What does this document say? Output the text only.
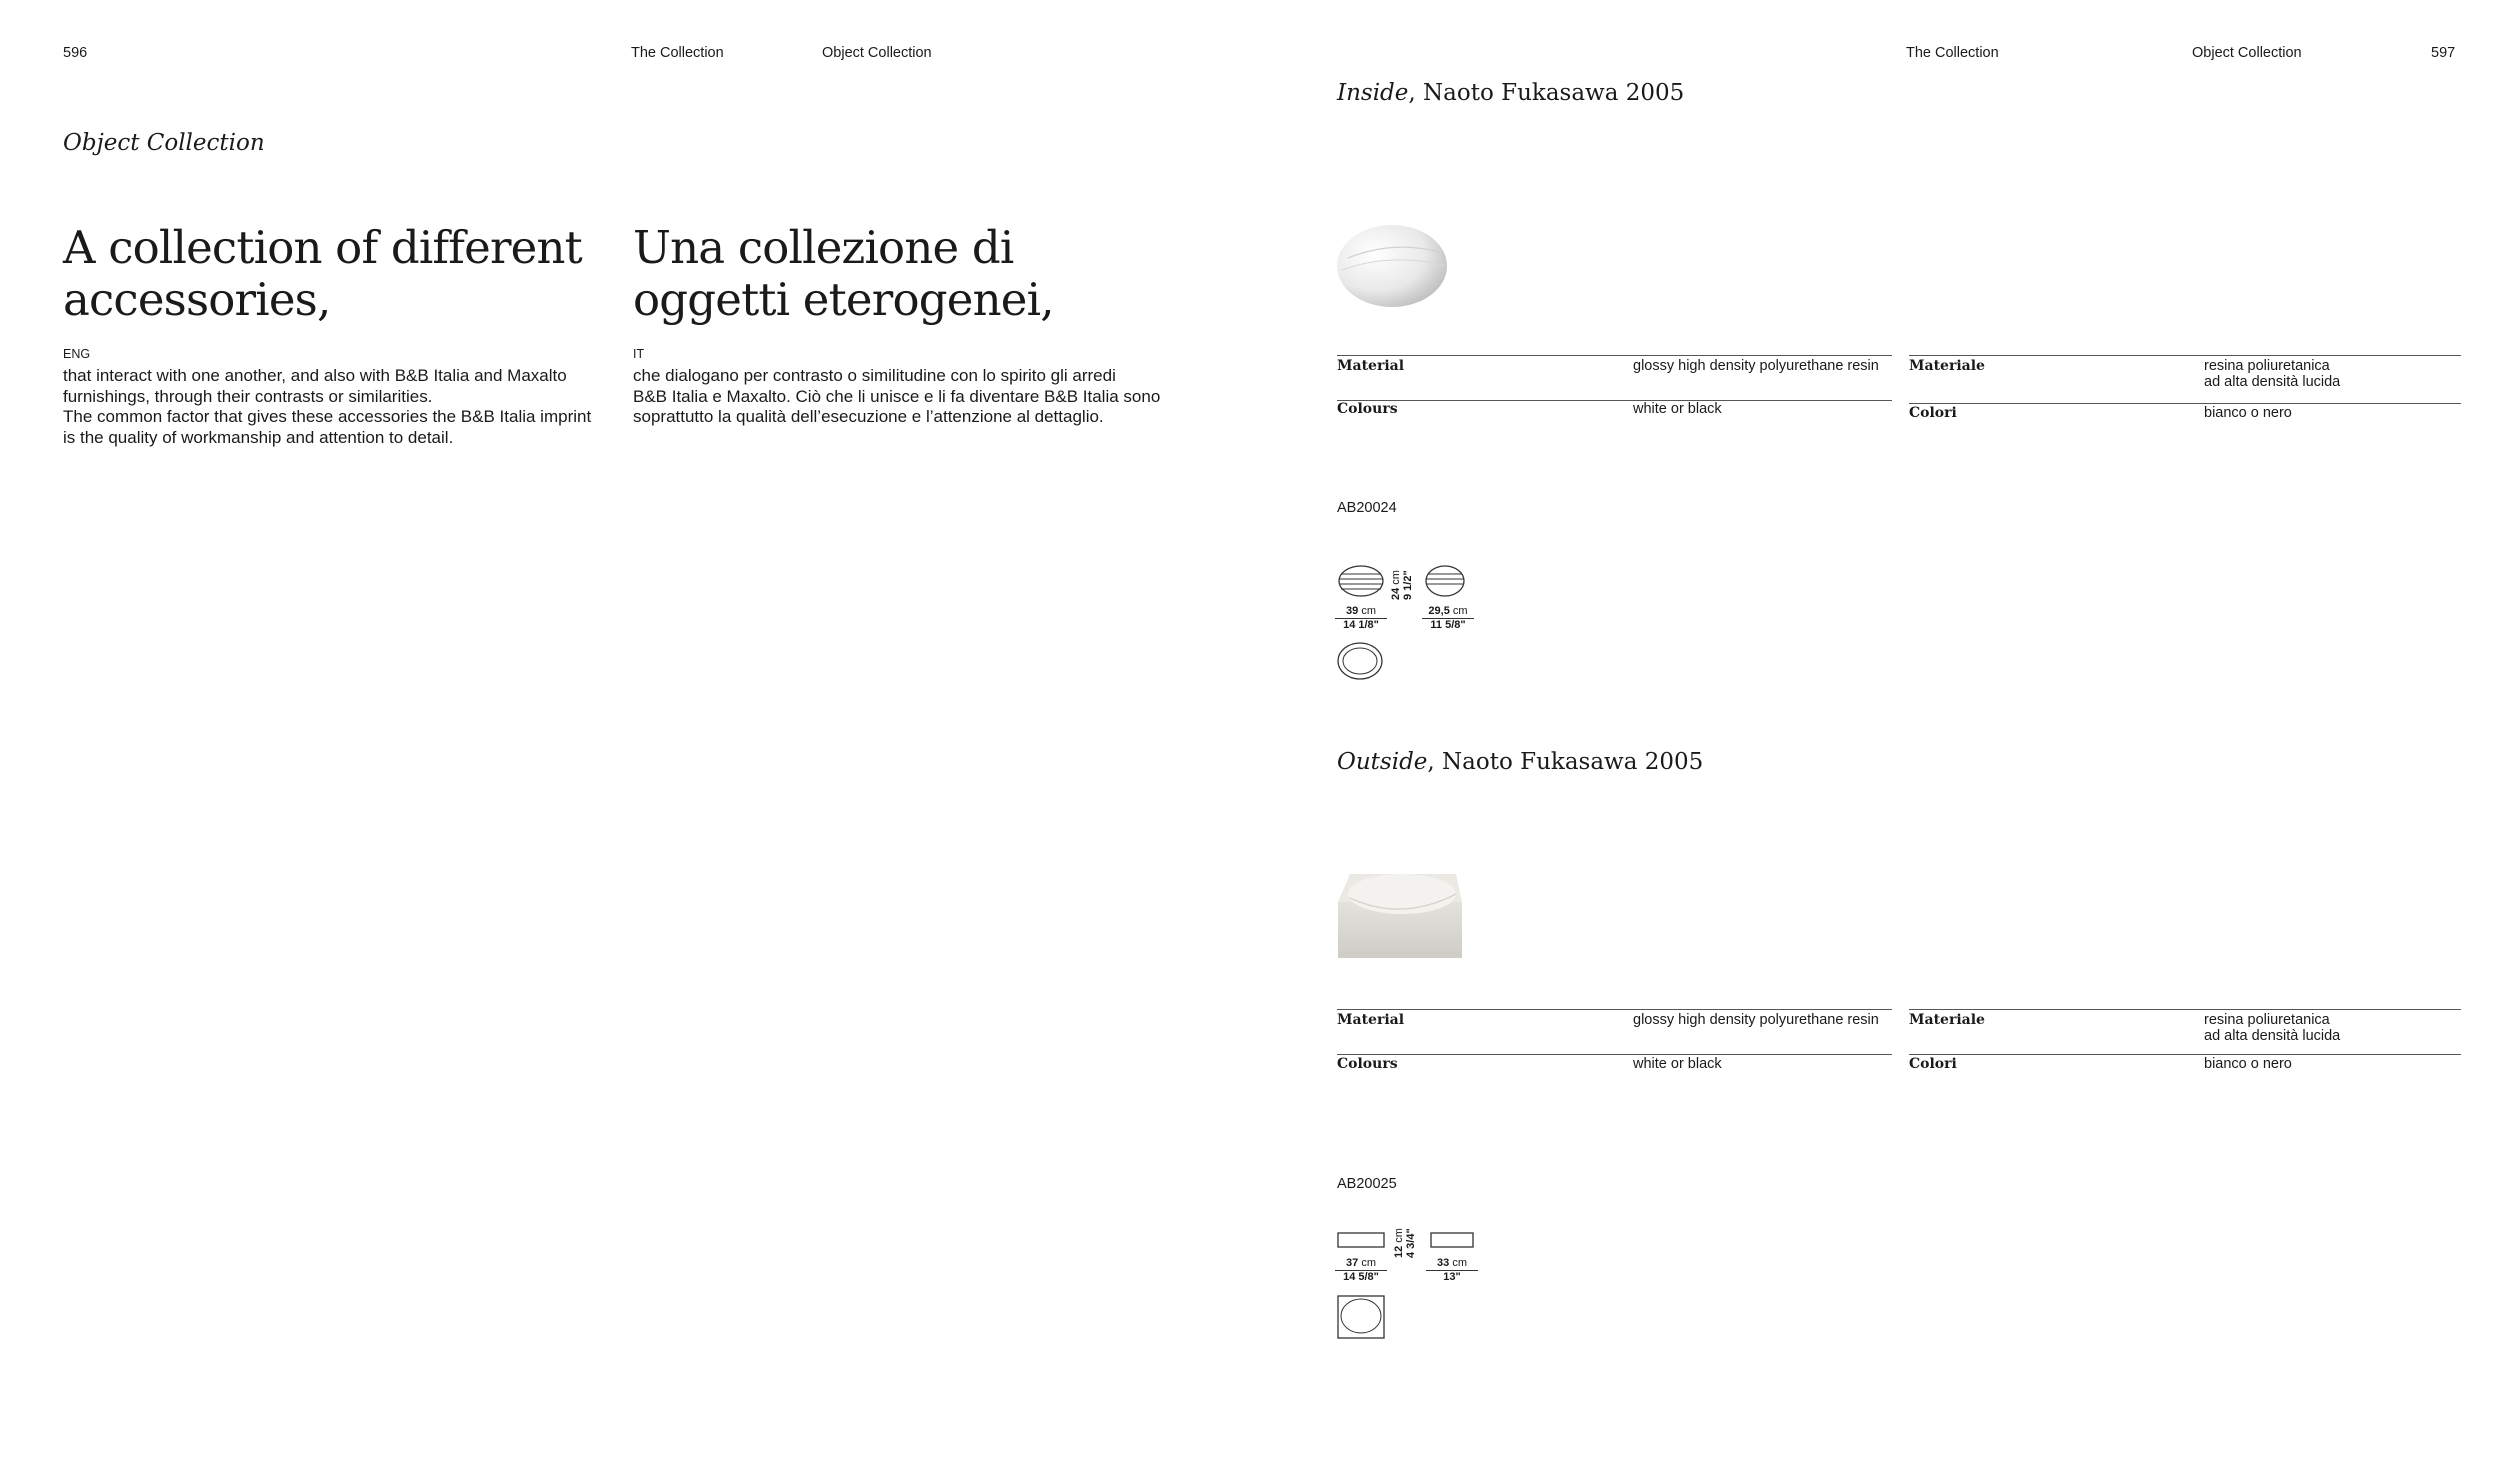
596	The Collection	Object Collection
Object Collection
A collection of different
accessories,
ENG
that interact with one another, and also with B&B Italia and Maxalto
furnishings, through their contrasts or similarities.
The common factor that gives these accessories the B&B Italia imprint
is the quality of workmanship and attention to detail.
Una collezione di
oggetti eterogenei,
IT
che dialogano per contrasto o similitudine con lo spirito gli arredi
B&B Italia e Maxalto. Ciò che li unisce e li fa diventare B&B Italia sono
soprattutto la qualità dell’esecuzione e l’attenzione al dettaglio.
The Collection	Object Collection	597
Inside, Naoto Fukasawa 2005
Material	glossy high density polyurethane resin Materiale	resina poliuretanica
ad alta densità lucida
Colours	white or black	Colori	bianco o nero
AB20024
24 cm
9 1/2"
39 cm
14 1/8"
29,5 cm
11 5/8"
Outside, Naoto Fukasawa 2005
Material	glossy high density polyurethane resin Materiale	resina poliuretanica
ad alta densità lucida
Colours	white or black	Colori	bianco o nero
AB20025
12 cm
4 3/4"
37 cm
14 5/8"
33 cm
13"
